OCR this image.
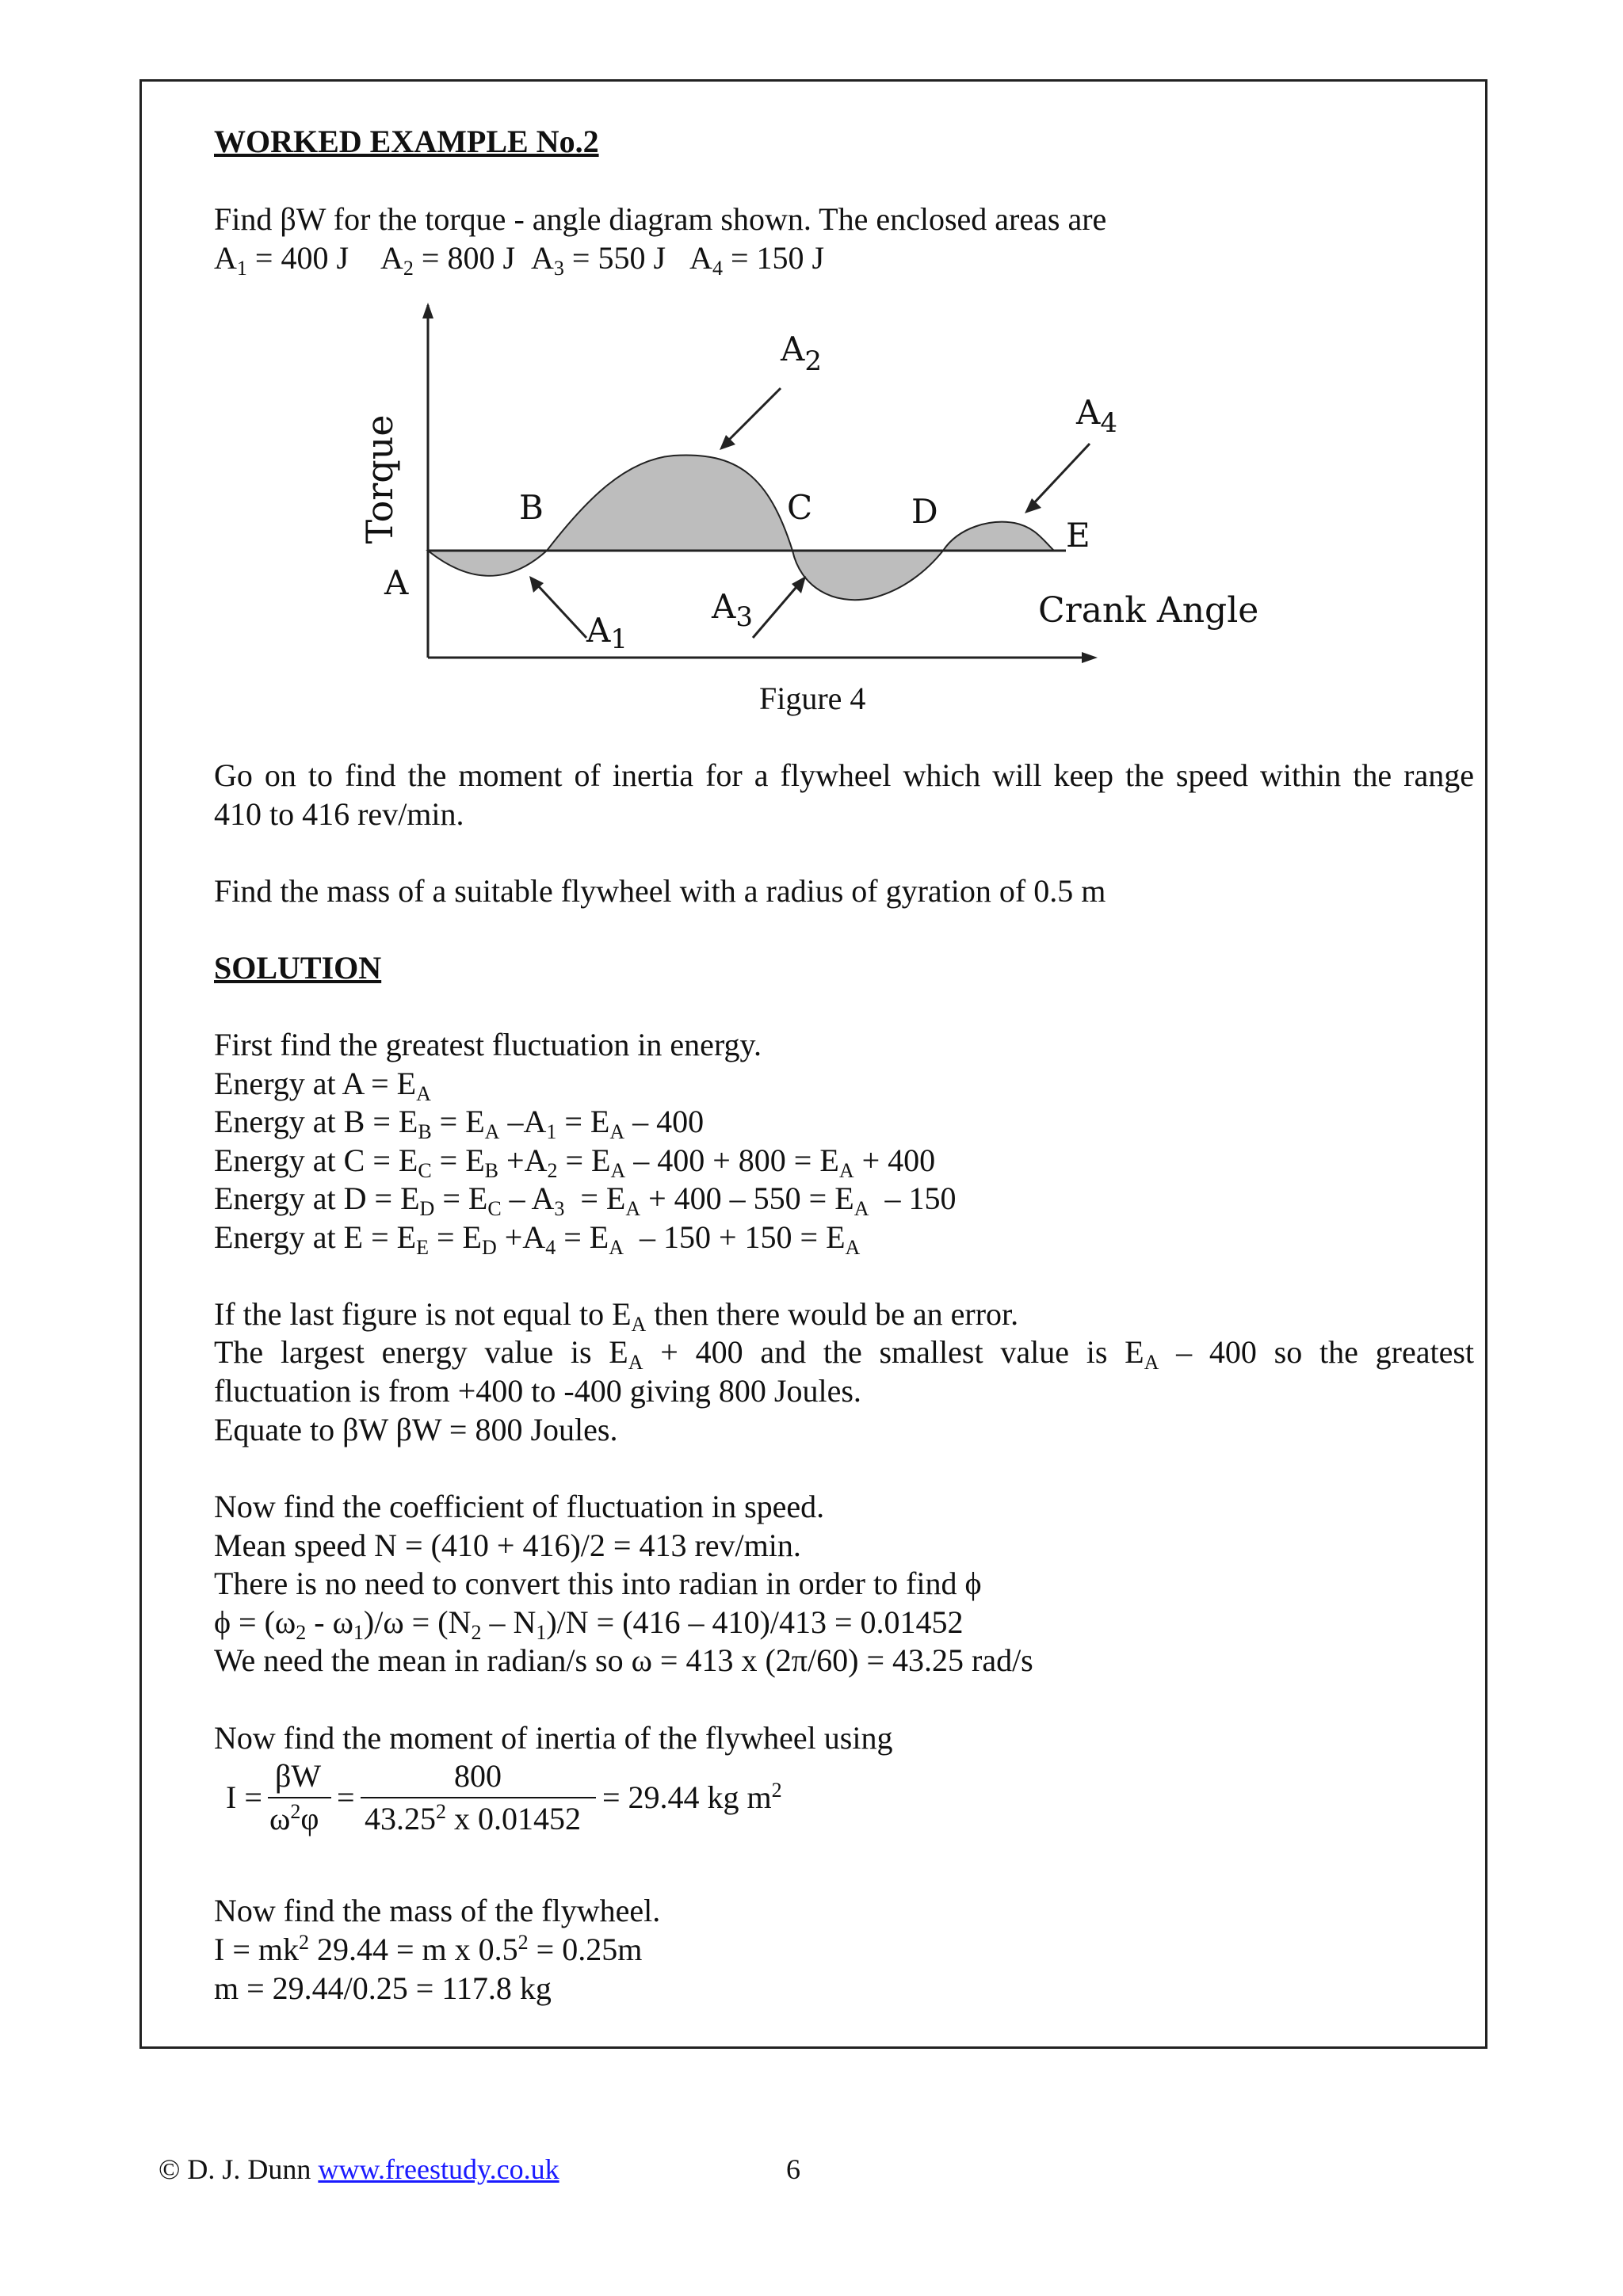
WORKED EXAMPLE No.2
Find βW for the torque - angle diagram shown. The enclosed areas are
$A_1 = 400$ J $A_2 = 800$ J $A_3 = 550$ J $A_4 = 150$ J
Torque
Crank Angle
A
B	C	D
E
A1
$A_2$
$A_3$
$A_4$
Figure 4
Go on to find the moment of inertia for a flywheel which will keep the speed within the range
410 to 416 rev/min.
Find the mass of a suitable flywheel with a radius of gyration of 0.5 m
SOLUTION
First find the greatest fluctuation in energy.
Energy at $A = E_A$
Energy at $B = E_B = E_A$ $-A_1 = E_A - 400$
Energy at $C = E_C = E_B +A_2 = E_A - 400 + 800 = E_A + 400$
Energy at $D = E_D = E_C - A_3 = E_A + 400 - 550 = E_A - 150$
Energy at $E = E_E = E_D +A_4 = E_A - 150 + 150 = E_A$
If the last figure is not equal to $E_A$ then there would be an error.
The largest energy value is $E_A + 400$ and the smallest value is $E_A - 400$ so the greatest
fluctuation is from +400 to -400 giving 800 Joules.
Equate to βW βW = 800 Joules.
Now find the coefficient of fluctuation in speed.
Mean speed N = (410 + 416)/2 = 413 rev/min.
There is no need to convert this into radian in order to find ϕ
$\phi = (\omega_2 - \omega_1)/\omega = (N_2 - N_1)/N = (416 - 410)/413 = 0.01452$
We need the mean in radian/s so ω = 413 x (2π/60) = 43.25 rad/s
Now find the moment of inertia of the flywheel using
I =
βW
$\omega^2\varphi$
=
800
43.25$^2$ x 0.01452
= 29.44 kg $m^2$
Now find the mass of the flywheel.
$I = mk^2$ 29.44 = m x $0.5^2 = 0.25m$
m = 29.44/0.25 = 117.8 kg
© D. J. Dunn www.freestudy.co.uk	6
